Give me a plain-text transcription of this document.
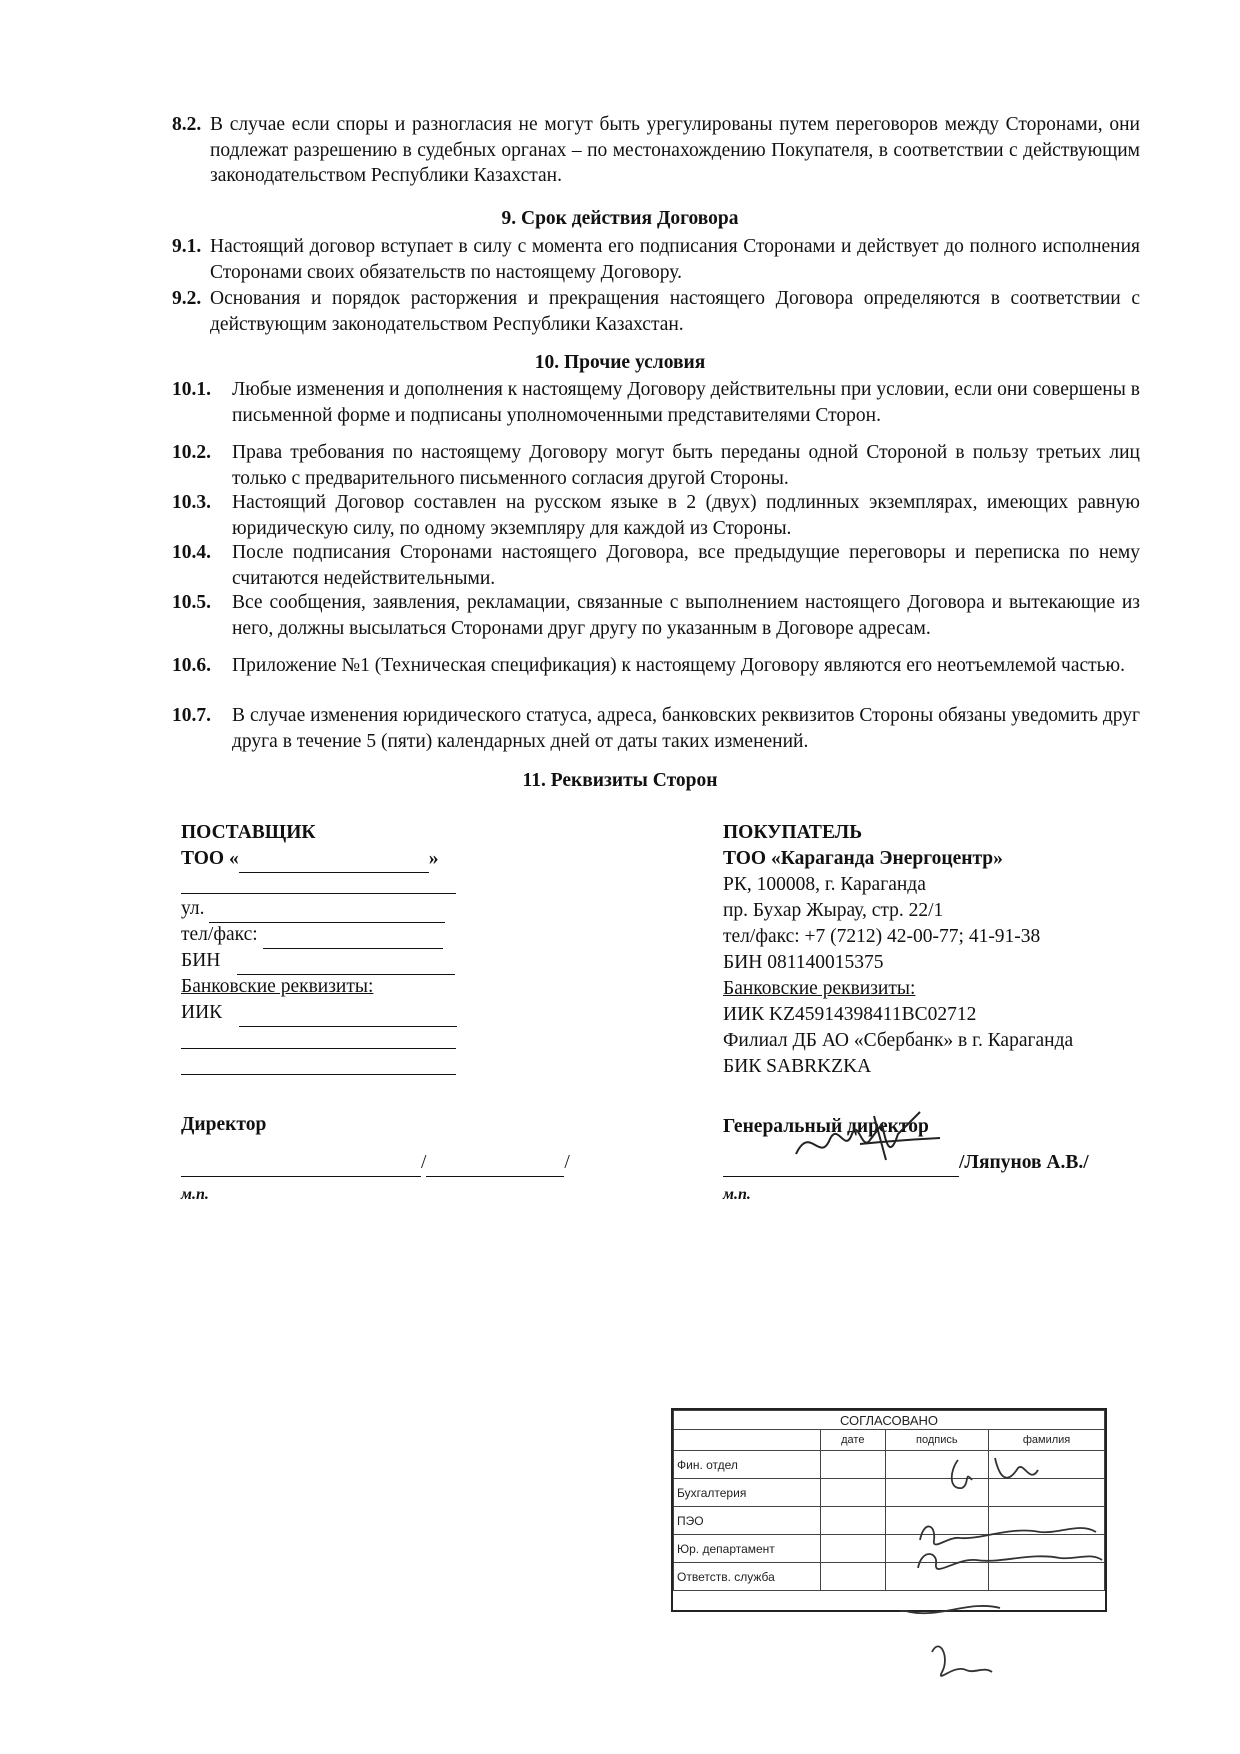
8.2. В случае если споры и разногласия не могут быть урегулированы путем переговоров между Сторонами, они подлежат разрешению в судебных органах – по местонахождению Покупателя, в соответствии с действующим законодательством Республики Казахстан.
9. Срок действия Договора
9.1. Настоящий договор вступает в силу с момента его подписания Сторонами и действует до полного исполнения Сторонами своих обязательств по настоящему Договору.
9.2. Основания и порядок расторжения и прекращения настоящего Договора определяются в соответствии с действующим законодательством Республики Казахстан.
10. Прочие условия
10.1.	Любые изменения и дополнения к настоящему Договору действительны при условии, если они совершены в письменной форме и подписаны уполномоченными представителями Сторон.
10.2.	Права требования по настоящему Договору могут быть переданы одной Стороной в пользу третьих лиц только с предварительного письменного согласия другой Стороны.
10.3.	Настоящий Договор составлен на русском языке в 2 (двух) подлинных экземплярах, имеющих равную юридическую силу, по одному экземпляру для каждой из Стороны.
10.4.	После подписания Сторонами настоящего Договора, все предыдущие переговоры и переписка по нему считаются недействительными.
10.5.	Все сообщения, заявления, рекламации, связанные с выполнением настоящего Договора и вытекающие из него, должны высылаться Сторонами друг другу по указанным в Договоре адресам.
10.6.	Приложение №1 (Техническая спецификация) к настоящему Договору являются его неотъемлемой частью.
10.7.	В случае изменения юридического статуса, адреса, банковских реквизитов Стороны обязаны уведомить друг друга в течение 5 (пяти) календарных дней от даты таких изменений.
11. Реквизиты Сторон
ПОСТАВЩИК
ТОО «	»
ул.
тел/факс:
БИН
Банковские реквизиты:
ИИК
Директор
/	/
м.п.
ПОКУПАТЕЛЬ
ТОО «Караганда Энергоцентр»
РК, 100008, г. Караганда
пр. Бухар Жырау, стр. 22/1
тел/факс: +7 (7212) 42-00-77; 41-91-38
БИН 081140015375
Банковские реквизиты:
ИИК KZ45914398411BC02712
Филиал ДБ АО «Сбербанк» в г. Караганда
БИК SABRKZKA
Генеральный директор
/Ляпунов А.В./
м.п.
СОГЛАСОВАНО			
	дате	подпись	фамилия
Фин. отдел			
Бухгалтерия			
ПЭО			
Юр. департамент			
Ответств. служба			
